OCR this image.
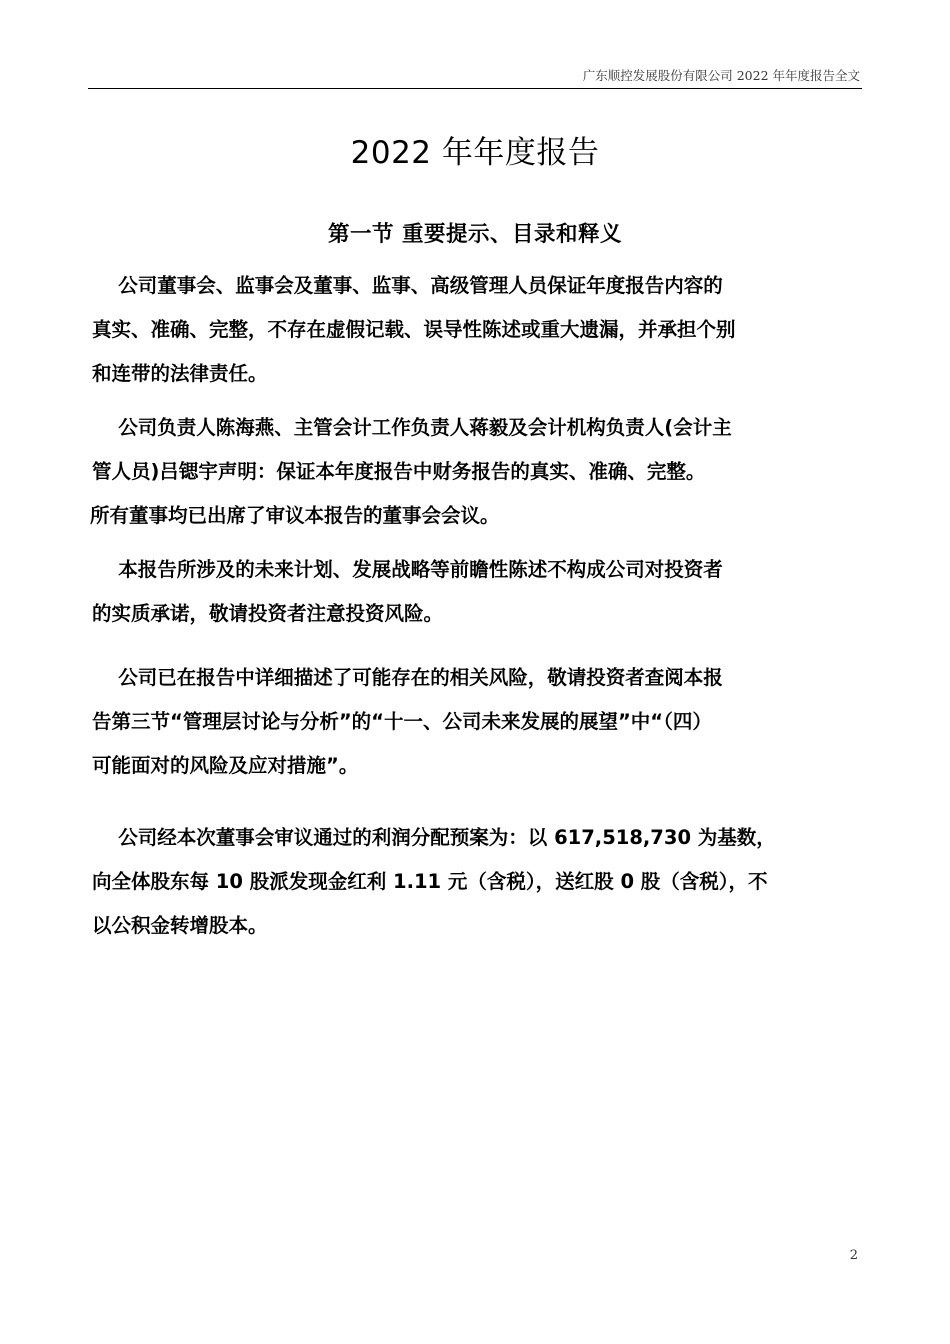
广东顺控发展股份有限公司 2022 年年度报告全文
2022 年年度报告
第一节 重要提示、目录和释义
　 公司董事会、监事会及董事、监事、高级管理人员保证年度报告内容的
真实、准确、完整，不存在虚假记载、误导性陈述或重大遗漏，并承担个别
和连带的法律责任。
　 公司负责人陈海燕、主管会计工作负责人蒋毅及会计机构负责人(会计主
管人员)吕锶宇声明：保证本年度报告中财务报告的真实、准确、完整。
所有董事均已出席了审议本报告的董事会会议。
　 本报告所涉及的未来计划、发展战略等前瞻性陈述不构成公司对投资者
的实质承诺，敬请投资者注意投资风险。
　 公司已在报告中详细描述了可能存在的相关风险，敬请投资者查阅本报
告第三节“管理层讨论与分析”的“十一、公司未来发展的展望”中“（四）
可能面对的风险及应对措施”。
　 公司经本次董事会审议通过的利润分配预案为：以 617,518,730 为基数，
向全体股东每 10 股派发现金红利 1.11 元（含税），送红股 0 股（含税），不
以公积金转增股本。
2
